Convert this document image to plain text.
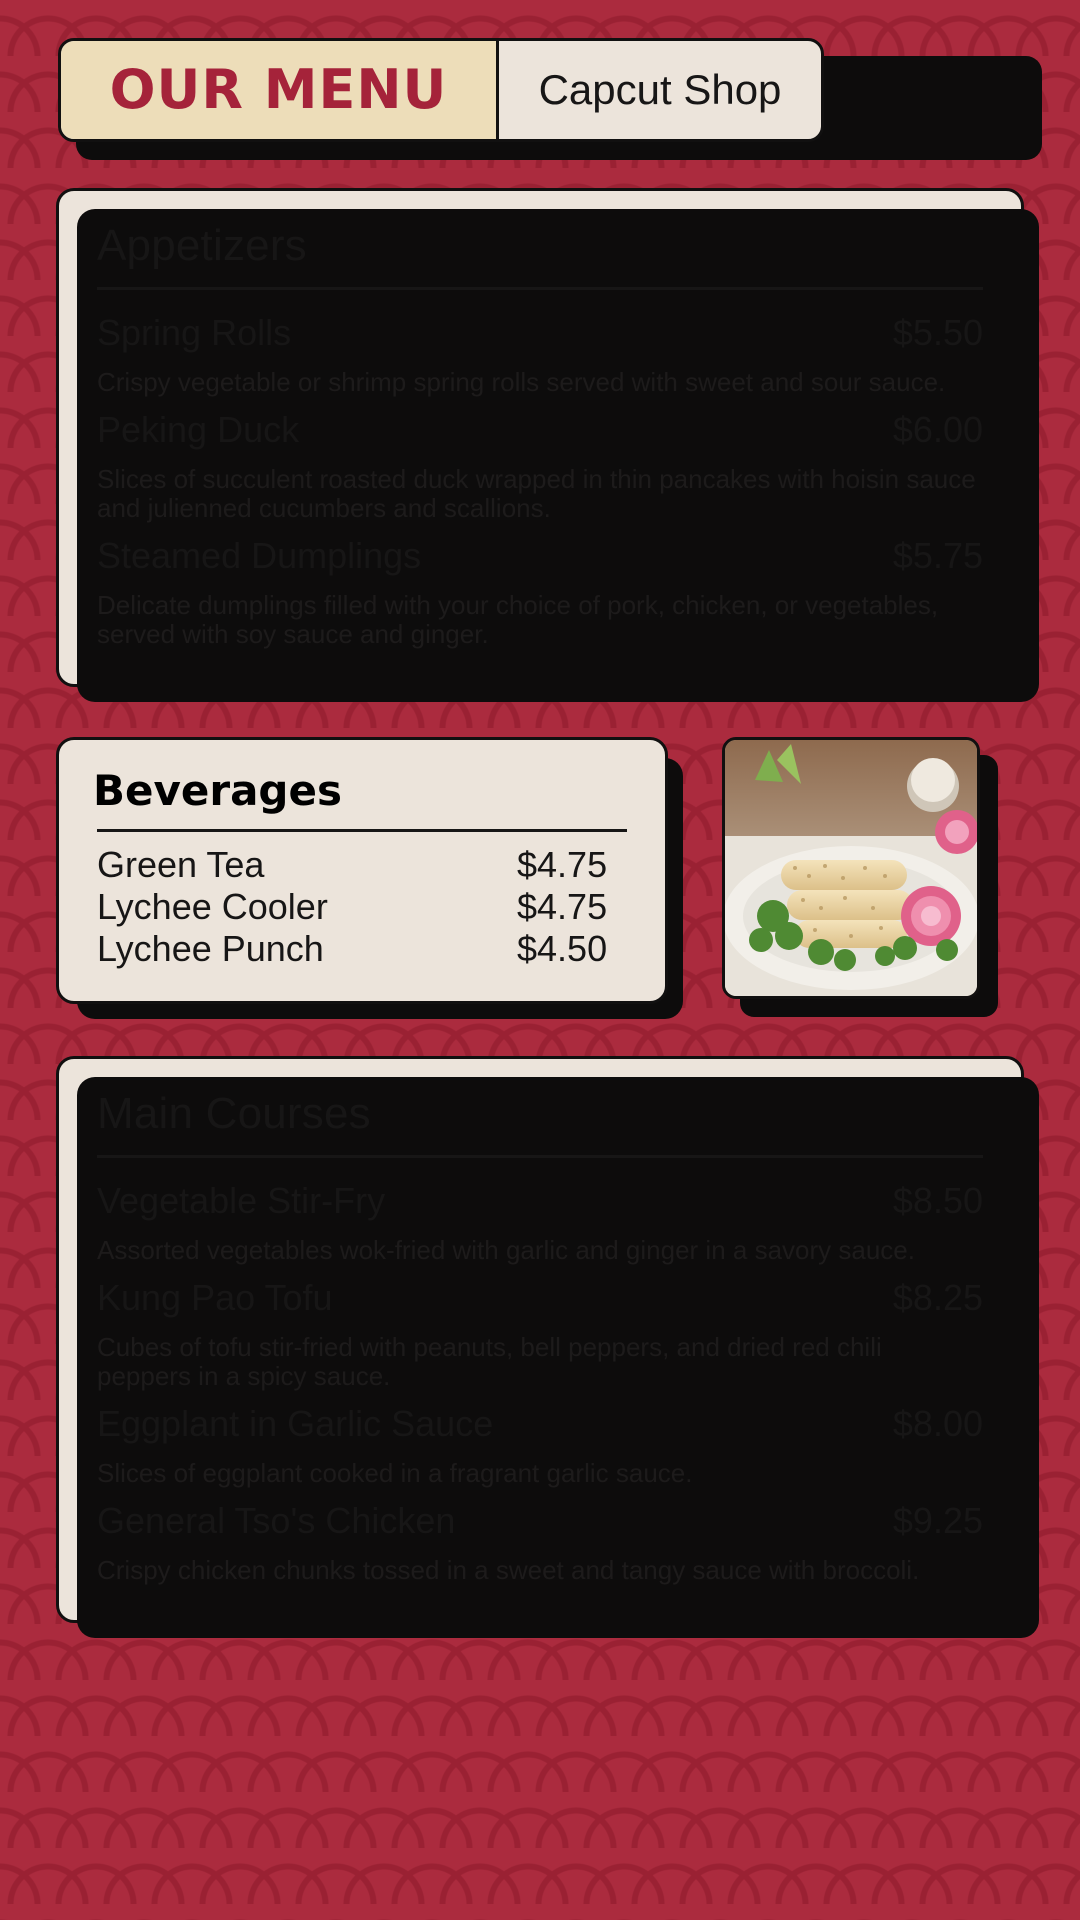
OUR MENU Capcut Shop
Appetizers
Spring Rolls	$5.50
Crispy vegetable or shrimp spring rolls served with sweet and sour sauce.
Peking Duck	$6.00
Slices of succulent roasted duck wrapped in thin pancakes with hoisin sauce and julienned cucumbers and scallions.
Steamed Dumplings	$5.75
Delicate dumplings filled with your choice of pork, chicken, or vegetables, served with soy sauce and ginger.
Beverages
Green Tea	$4.75
Lychee Cooler	$4.75
Lychee Punch	$4.50
Main Courses
Vegetable Stir-Fry	$8.50
Assorted vegetables wok-fried with garlic and ginger in a savory sauce.
Kung Pao Tofu	$8.25
Cubes of tofu stir-fried with peanuts, bell peppers, and dried red chili peppers in a spicy sauce.
Eggplant in Garlic Sauce	$8.00
Slices of eggplant cooked in a fragrant garlic sauce.
General Tso's Chicken	$9.25
Crispy chicken chunks tossed in a sweet and tangy sauce with broccoli.
